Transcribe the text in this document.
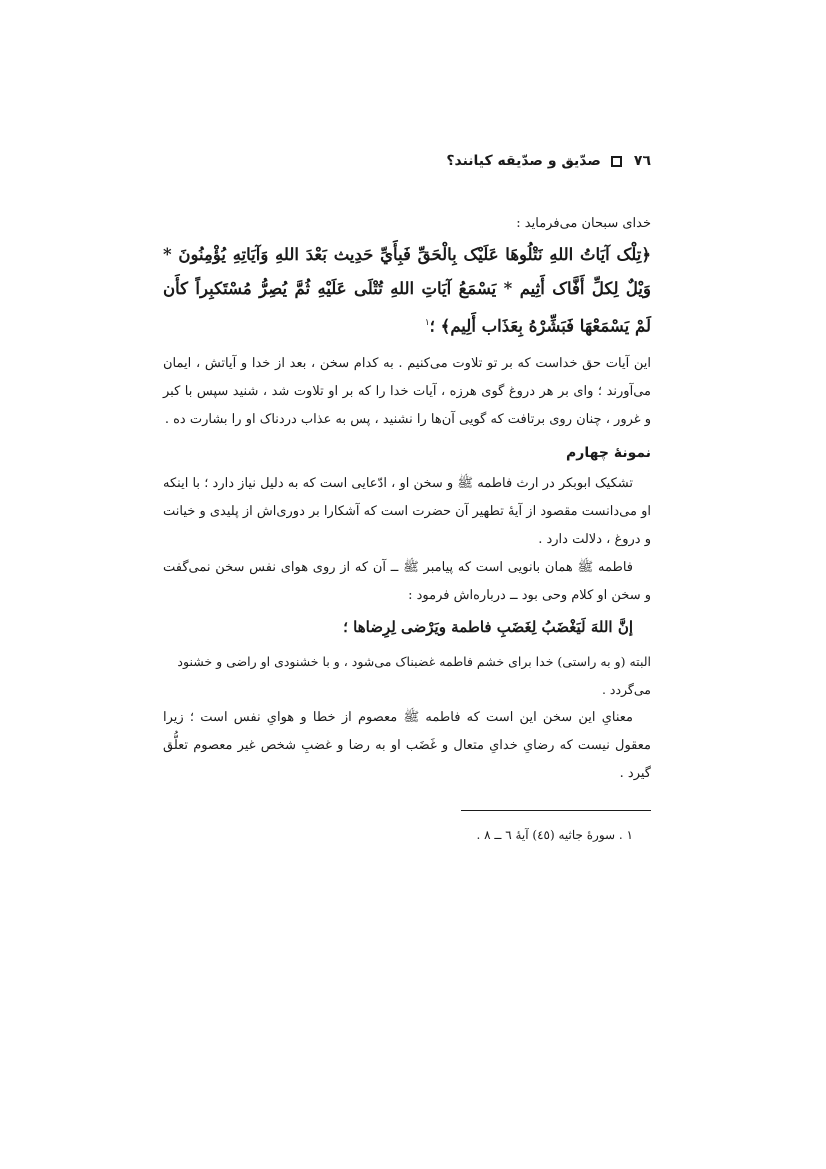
٧٦
صدّيق و صدّيقه كيانند؟

خدای سبحان می‌فرماید :

﴿تِلْک آيَاتُ اللهِ نَتْلُوهَا عَلَيْک بِالْحَقِّ فَبِأَيِّ حَدِيث بَعْدَ اللهِ وَآيَاتِهِ يُؤْمِنُونَ * وَيْلٌ لِكلِّ أَفَّاک أَثِيم * يَسْمَعُ آيَاتِ اللهِ تُتْلَى عَلَيْهِ ثُمَّ يُصِرُّ مُسْتَكبِراً كأَن لَمْ يَسْمَعْهَا فَبَشِّرْهُ بِعَذَاب أَلِيم﴾ ؛$^١$

این آیات حق خداست که بر تو تلاوت می‌کنیم . به کدام سخن ، بعد از خدا و آیاتش ، ایمان می‌آورند ؛ وای بر هر دروغ گوی هرزه ، آیات خدا را که بر او تلاوت شد ، شنید سپس با کبر و غرور ، چنان روی برتافت که گویی آن‌ها را نشنید ، پس به عذاب دردناک او را بشارت ده .

نمونهٔ چهارم

تشکیک ابوبکر در ارث فاطمه ﷺ و سخن او ، ادّعایی است که به دلیل نیاز دارد ؛ با اینکه او می‌دانست مقصود از آیهٔ تطهیر آن حضرت است که آشکارا بر دوری‌اش از پلیدی و خیانت و دروغ ، دلالت دارد .

فاطمه ﷺ همان بانویی است که پیامبر ﷺ ــ آن که از روی هوای نفس سخن نمی‌گفت و سخن او کلام وحی بود ــ درباره‌اش فرمود :

إنَّ اللهَ لَيَغْضَبُ لِغَضَبِ فاطمة ويَرْضى لِرِضاها ؛

البته (و به راستی) خدا برای خشم فاطمه غضبناک می‌شود ، و با خشنودی او راضی و خشنود می‌گردد .

معنایِ این سخن این است که فاطمه ﷺ معصوم از خطا و هوایِ نفس است ؛ زیرا معقول نیست که رضایِ خدایِ متعال و غَضَب او به رضا و غضبِ شخص غیر معصوم تعلُّق گیرد .

١ . سورهٔ جاثیه (٤٥) آیهٔ ٦ ــ ٨ .
